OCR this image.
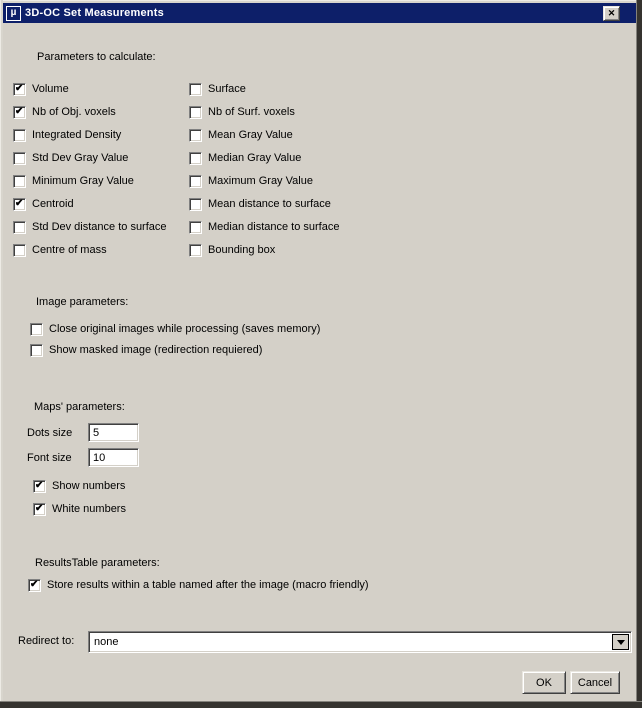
µ 3D-OC Set Measurements	✕
Parameters to calculate:
✔
Volume
✔
Nb of Obj. voxels
Integrated Density
Std Dev Gray Value
Minimum Gray Value
✔
Centroid
Std Dev distance to surface
Centre of mass
Surface
Nb of Surf. voxels
Mean Gray Value
Median Gray Value
Maximum Gray Value
Mean distance to surface
Median distance to surface
Bounding box
Image parameters:
Close original images while processing (saves memory)
Show masked image (redirection requiered)
Maps' parameters:
Dots size
5
Font size
10
✔
Show numbers
✔
White numbers
ResultsTable parameters:
✔
Store results within a table named after the image (macro friendly)
Redirect to: none
OK	Cancel
